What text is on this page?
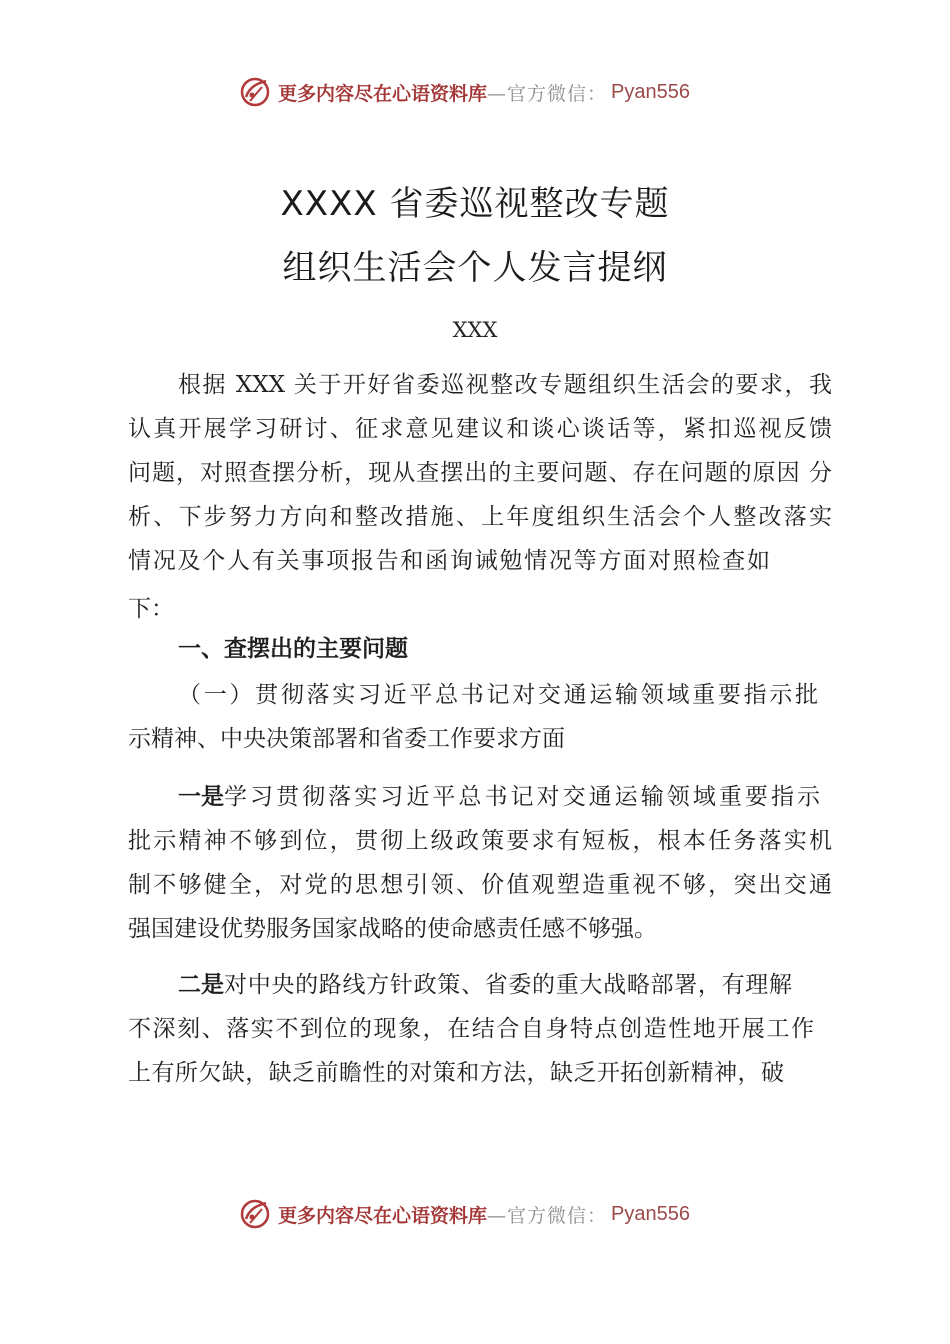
更多内容尽在心语资料库 —官方微信： Pyan556
XXXX 省委巡视整改专题
组织生活会个人发言提纲
XXX
根据 XXX 关于开好省委巡视整改专题组织生活会的要求，我
认真开展学习研讨、征求意见建议和谈心谈话等，紧扣巡视反馈
问题，对照查摆分析，现从查摆出的主要问题、存在问题的原因 分
析、下步努力方向和整改措施、上年度组织生活会个人整改落实
情况及个人有关事项报告和函询诫勉情况等方面对照检查如
下：
一、查摆出的主要问题
（一）贯彻落实习近平总书记对交通运输领域重要指示批
示精神、中央决策部署和省委工作要求方面
一是 学习贯彻落实习近平总书记对交通运输领域重要指示
批示精神不够到位，贯彻上级政策要求有短板，根本任务落实机
制不够健全，对党的思想引领、价值观塑造重视不够，突出交通
强国建设优势服务国家战略的使命感责任感不够强。
二是 对中央的路线方针政策、省委的重大战略部署，有理解
不深刻、落实不到位的现象，在结合自身特点创造性地开展工作
上有所欠缺，缺乏前瞻性的对策和方法，缺乏开拓创新精神，破
更多内容尽在心语资料库 —官方微信： Pyan556
